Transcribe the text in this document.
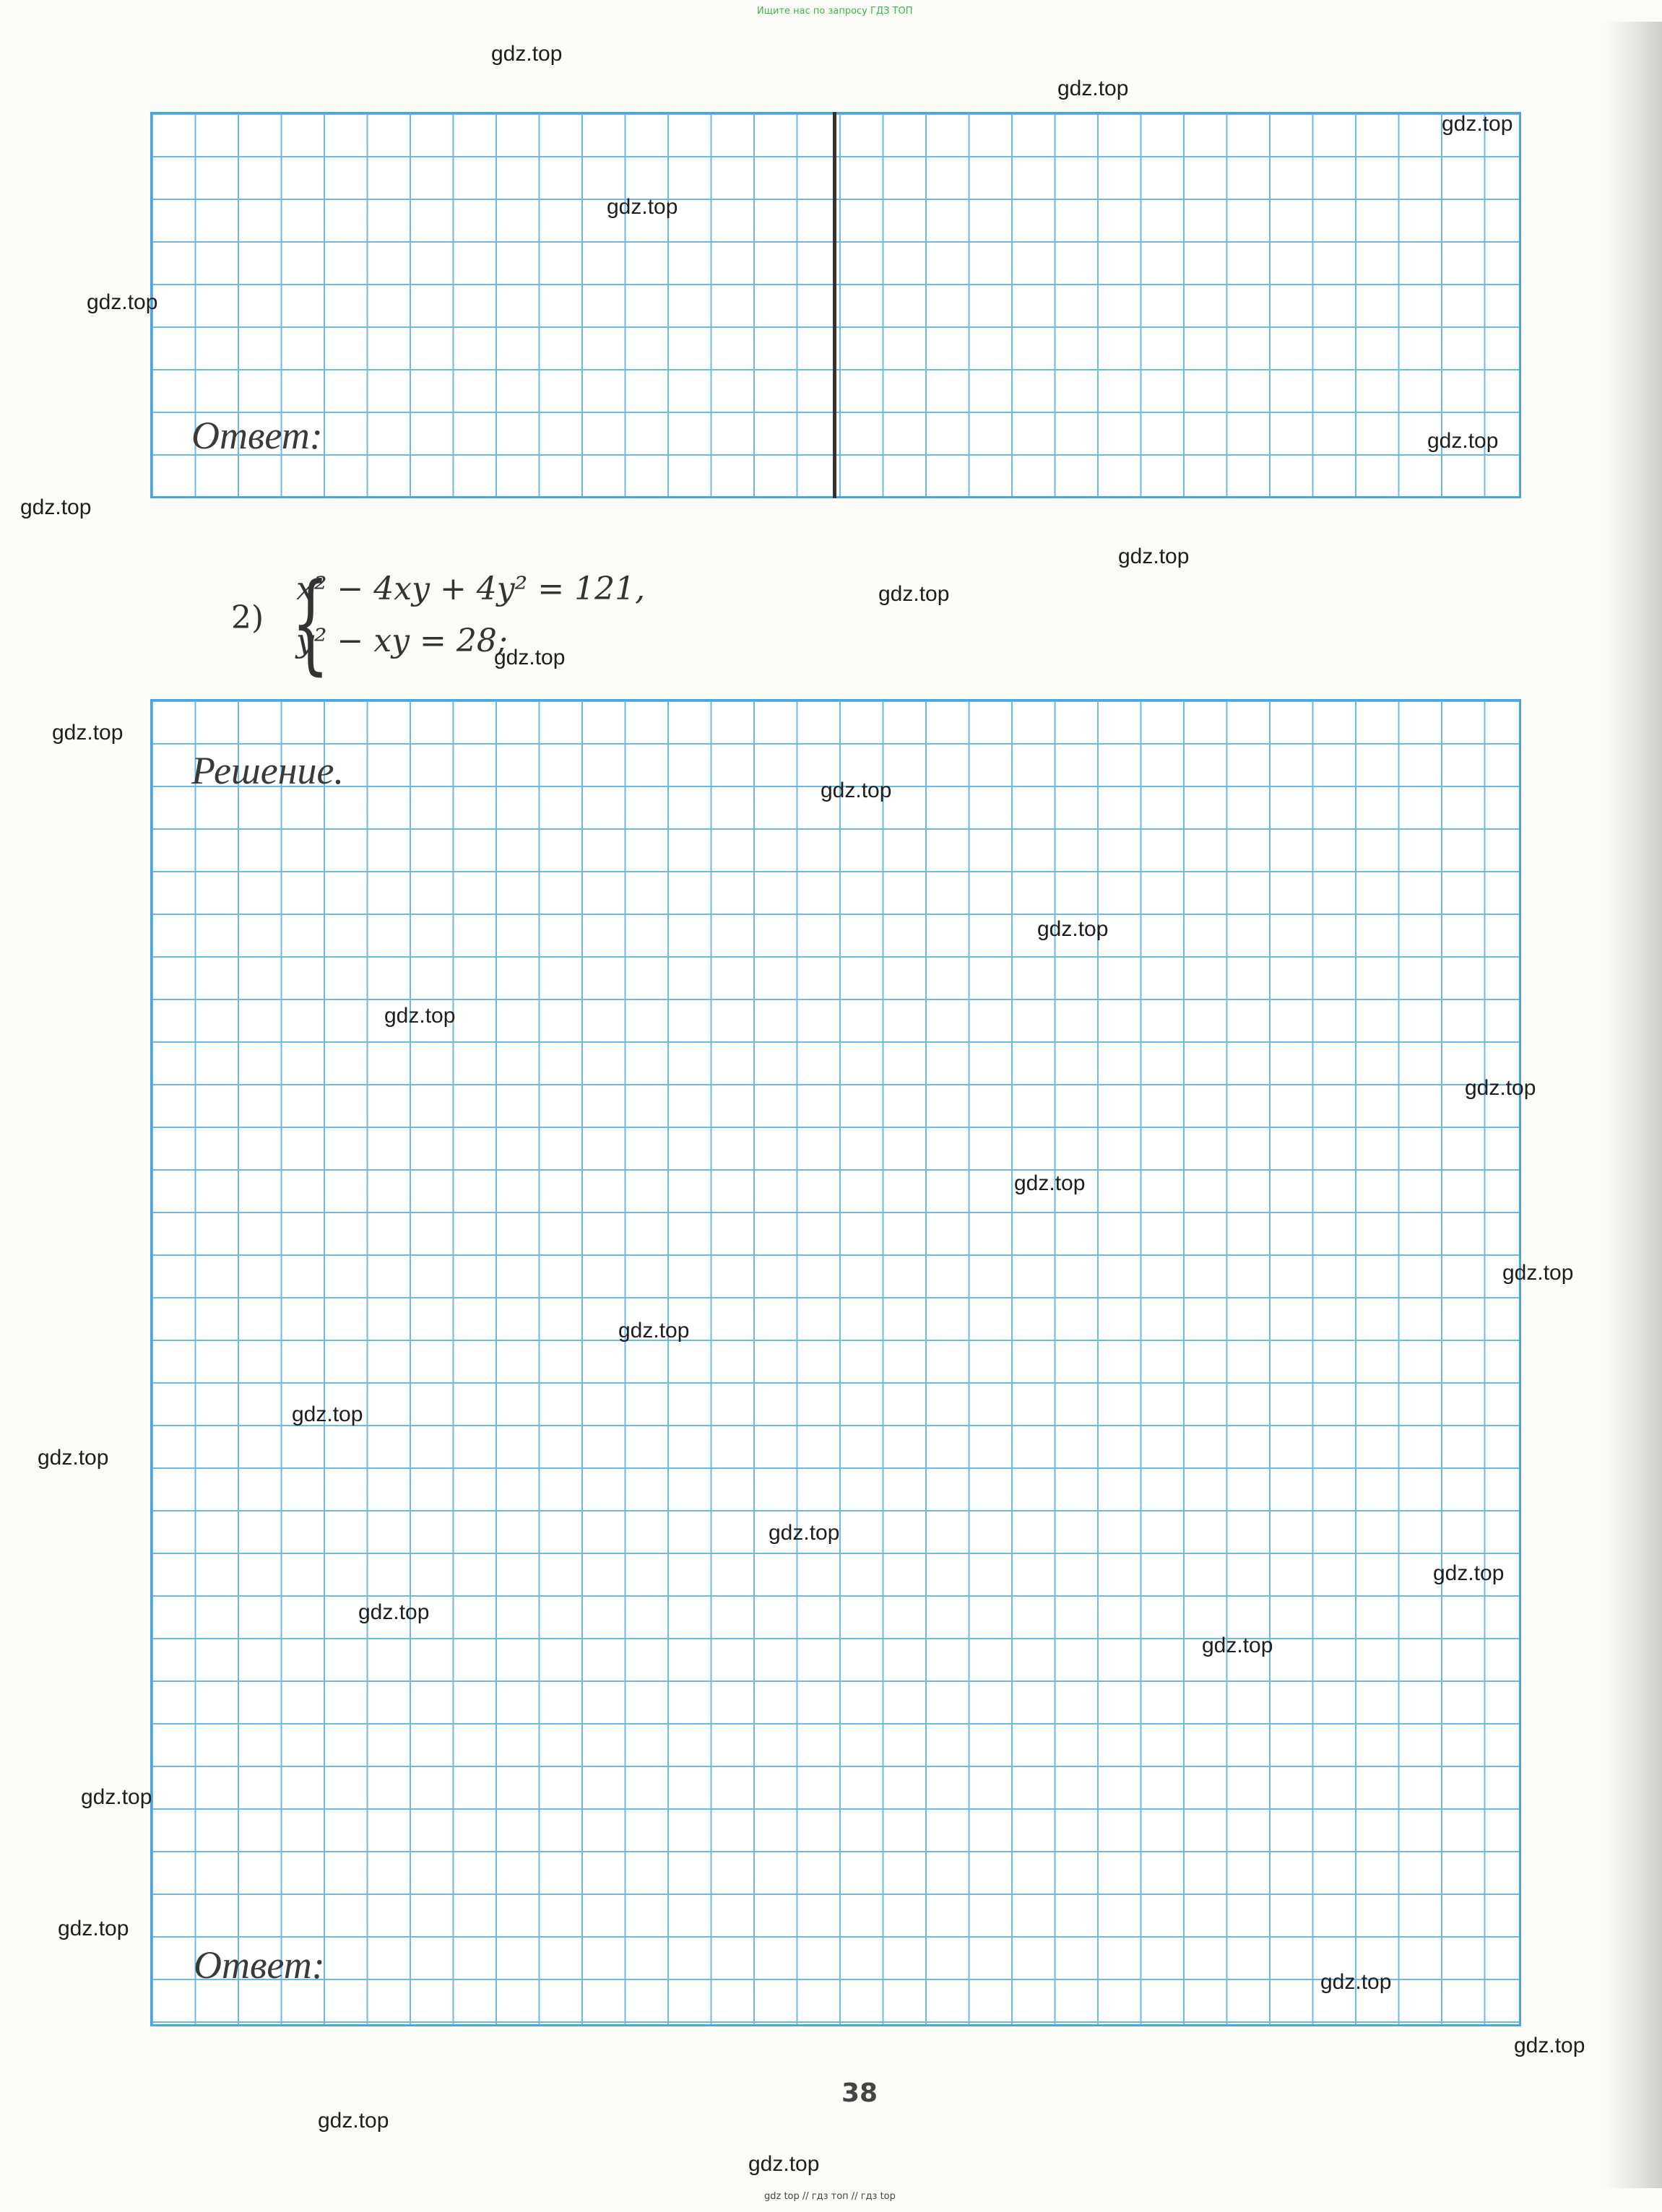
Ищите нас по запросу ГДЗ ТОП
Ответ:
2) {
x² − 4xy + 4y² = 121,
y² − xy = 28;
Решение.
Ответ:
38
gdz.top
gdz.top
gdz.top
gdz.top
gdz.top
gdz.top
gdz.top
gdz.top
gdz.top
gdz.top
gdz.top
gdz.top
gdz.top
gdz.top
gdz.top
gdz.top
gdz.top
gdz.top
gdz.top
gdz.top
gdz.top
gdz.top
gdz.top
gdz.top
gdz.top
gdz.top
gdz.top
gdz.top
gdz.top
gdz.top
gdz top // гдз топ // гдз top
